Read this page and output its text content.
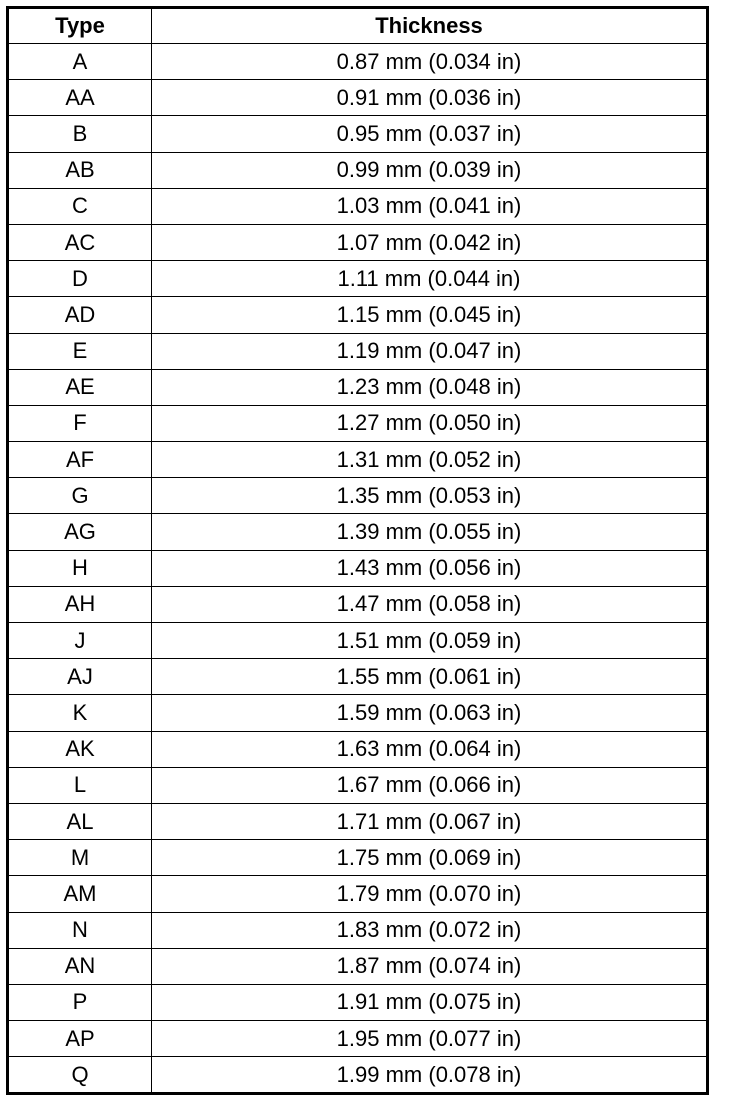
Type	Thickness
A	0.87 mm (0.034 in)
AA	0.91 mm (0.036 in)
B	0.95 mm (0.037 in)
AB	0.99 mm (0.039 in)
C	1.03 mm (0.041 in)
AC	1.07 mm (0.042 in)
D	1.11 mm (0.044 in)
AD	1.15 mm (0.045 in)
E	1.19 mm (0.047 in)
AE	1.23 mm (0.048 in)
F	1.27 mm (0.050 in)
AF	1.31 mm (0.052 in)
G	1.35 mm (0.053 in)
AG	1.39 mm (0.055 in)
H	1.43 mm (0.056 in)
AH	1.47 mm (0.058 in)
J	1.51 mm (0.059 in)
AJ	1.55 mm (0.061 in)
K	1.59 mm (0.063 in)
AK	1.63 mm (0.064 in)
L	1.67 mm (0.066 in)
AL	1.71 mm (0.067 in)
M	1.75 mm (0.069 in)
AM	1.79 mm (0.070 in)
N	1.83 mm (0.072 in)
AN	1.87 mm (0.074 in)
P	1.91 mm (0.075 in)
AP	1.95 mm (0.077 in)
Q	1.99 mm (0.078 in)
